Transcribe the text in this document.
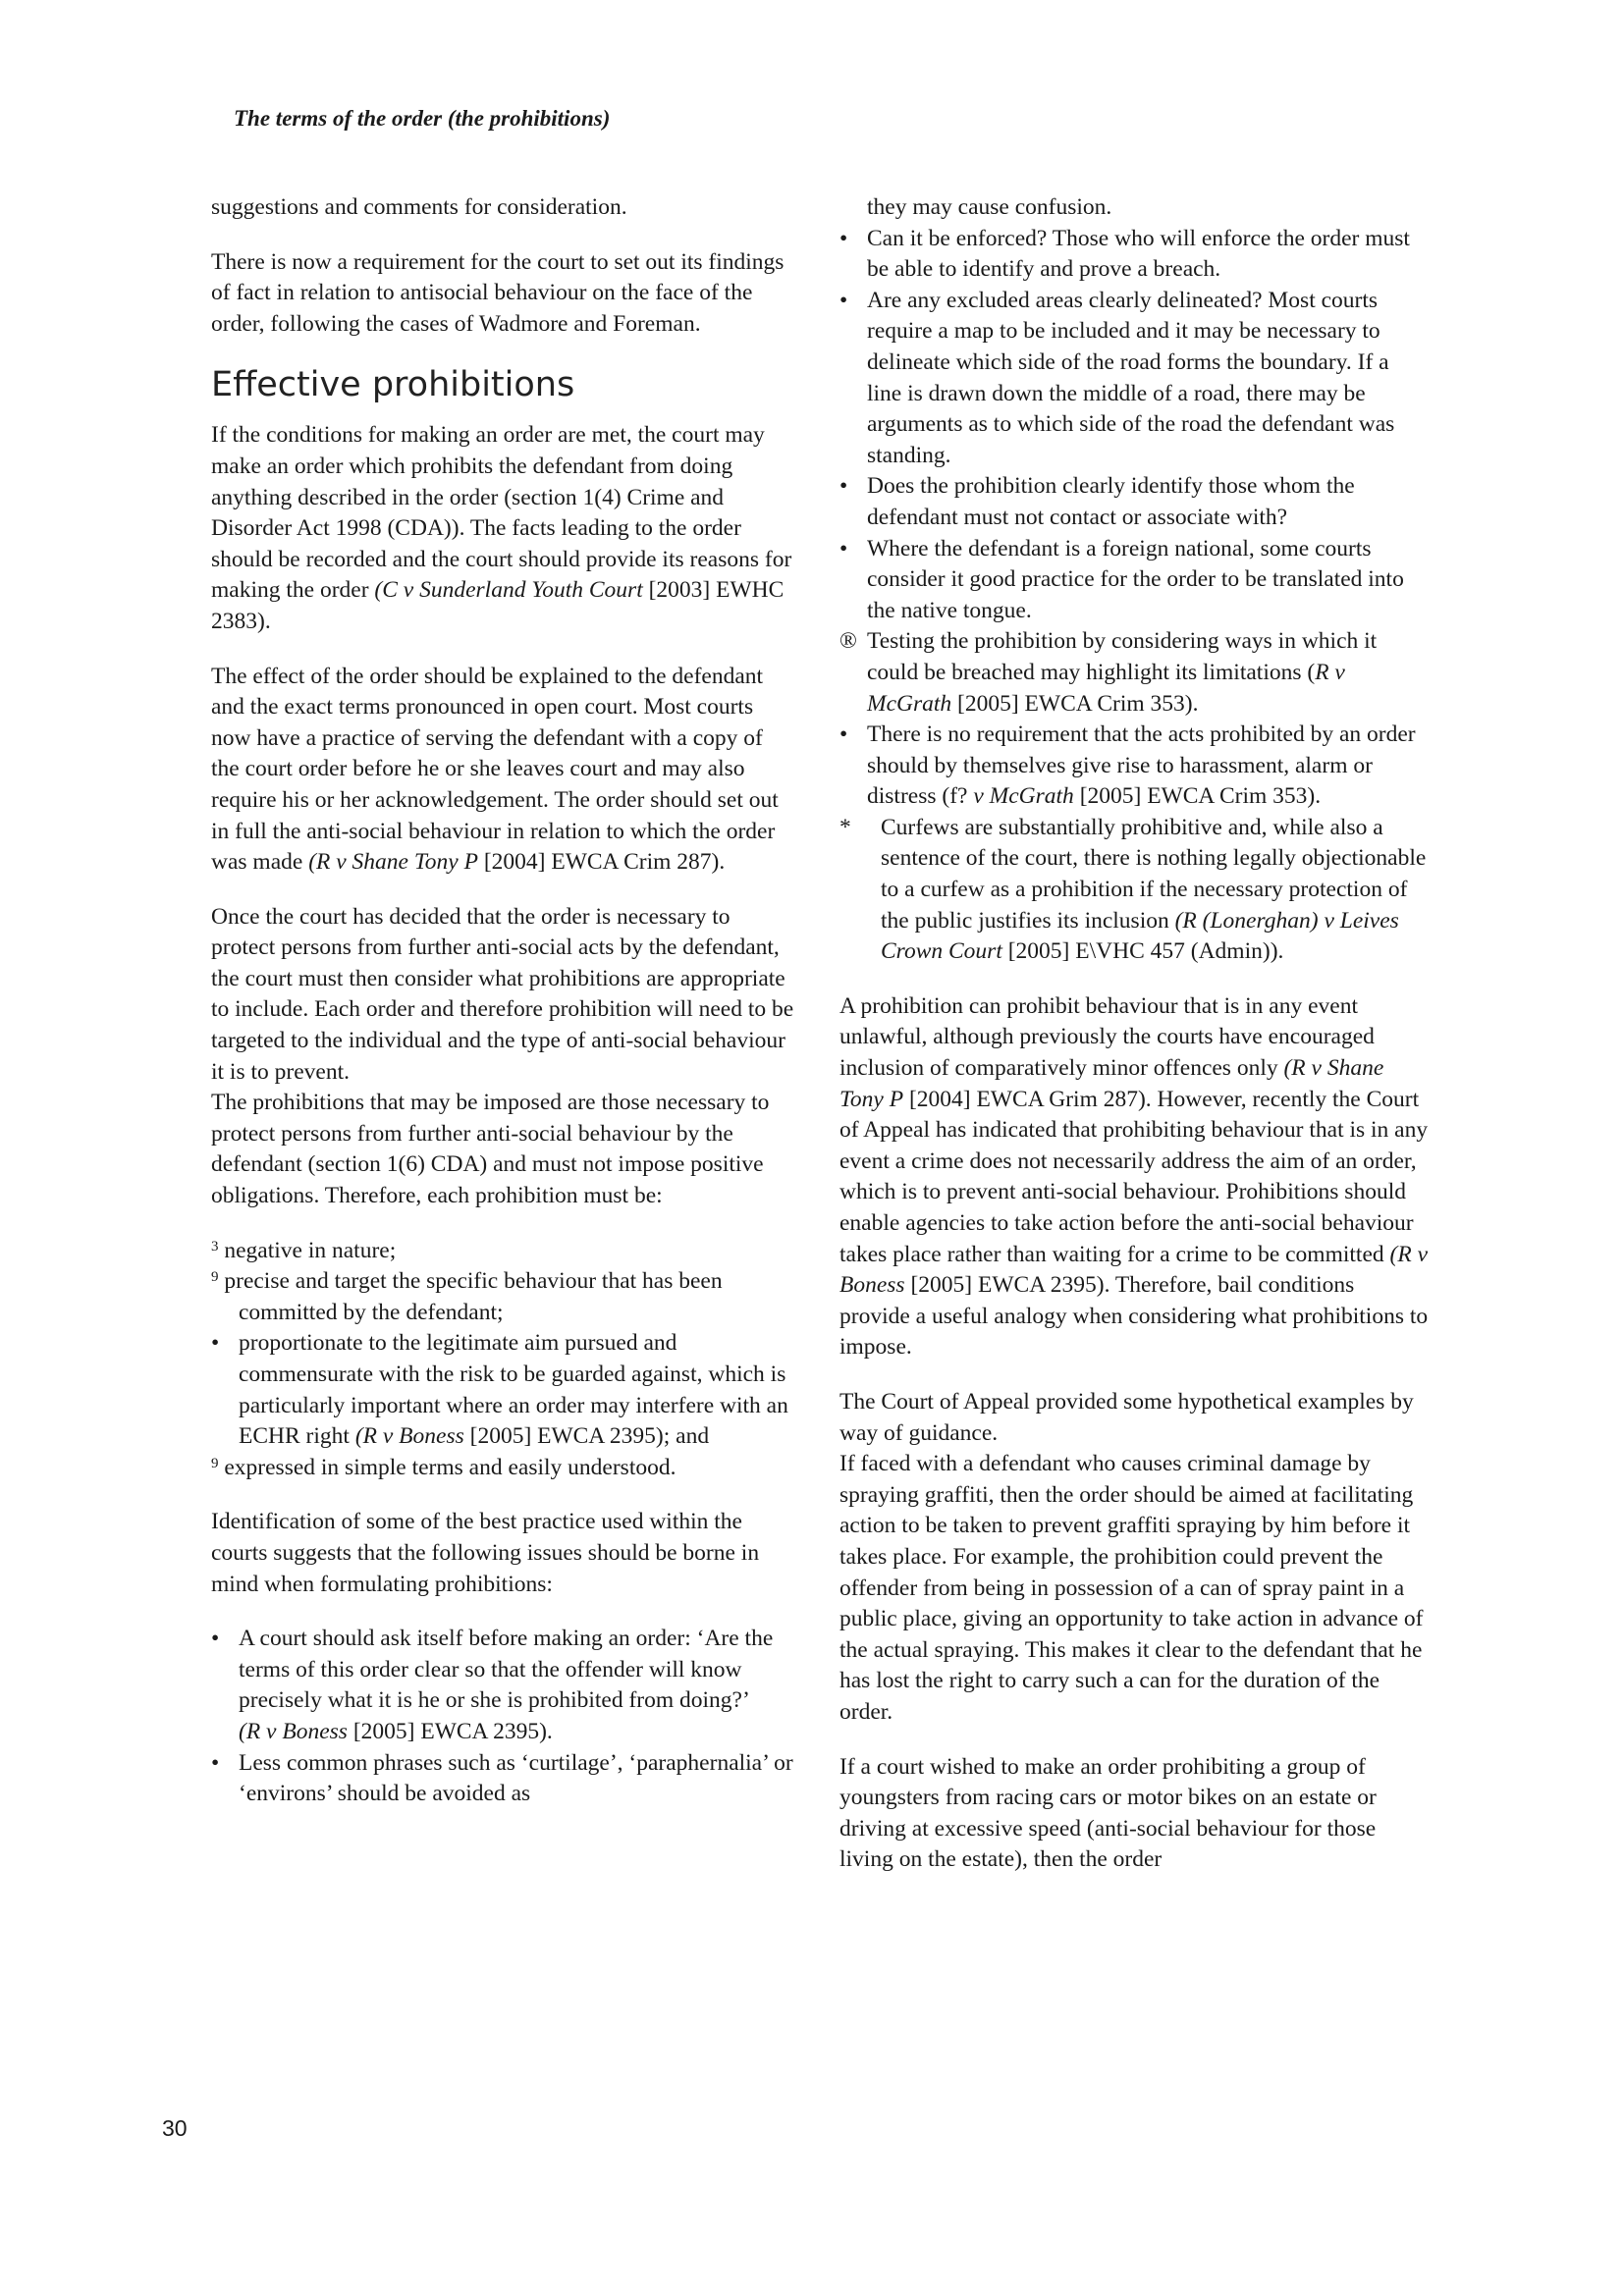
The terms of the order (the prohibitions)

suggestions and comments for consideration.

There is now a requirement for the court to set out its findings of fact in relation to antisocial behaviour on the face of the order, following the cases of Wadmore and Foreman.

Effective prohibitions

If the conditions for making an order are met, the court may make an order which prohibits the defendant from doing anything described in the order (section 1(4) Crime and Disorder Act 1998 (CDA)). The facts leading to the order should be recorded and the court should provide its reasons for making the order (C v Sunderland Youth Court [2003] EWHC 2383).

The effect of the order should be explained to the defendant and the exact terms pronounced in open court. Most courts now have a practice of serving the defendant with a copy of the court order before he or she leaves court and may also require his or her acknowledgement. The order should set out in full the anti-social behaviour in relation to which the order was made (R v Shane Tony P [2004] EWCA Crim 287).

Once the court has decided that the order is necessary to protect persons from further anti-social acts by the defendant, the court must then consider what prohibitions are appropriate to include. Each order and therefore prohibition will need to be targeted to the individual and the type of anti-social behaviour it is to prevent.

The prohibitions that may be imposed are those necessary to protect persons from further anti-social behaviour by the defendant (section 1(6) CDA) and must not impose positive obligations. Therefore, each prohibition must be:

$^3$ negative in nature;

$^9$ precise and target the specific behaviour that has been committed by the defendant;

• proportionate to the legitimate aim pursued and commensurate with the risk to be guarded against, which is particularly important where an order may interfere with an ECHR right (R v Boness [2005] EWCA 2395); and

$^9$ expressed in simple terms and easily understood.

Identification of some of the best practice used within the courts suggests that the following issues should be borne in mind when formulating prohibitions:

• A court should ask itself before making an order: ‘Are the terms of this order clear so that the offender will know precisely what it is he or she is prohibited from doing?’

(R v Boness [2005] EWCA 2395).

• Less common phrases such as ‘curtilage’, ‘paraphernalia’ or ‘environs’ should be avoided as

they may cause confusion.

• Can it be enforced? Those who will enforce the order must be able to identify and prove a breach.

• Are any excluded areas clearly delineated? Most courts require a map to be included and it may be necessary to delineate which side of the road forms the boundary. If a line is drawn down the middle of a road, there may be arguments as to which side of the road the defendant was standing.

• Does the prohibition clearly identify those whom the defendant must not contact or associate with?

• Where the defendant is a foreign national, some courts consider it good practice for the order to be translated into the native tongue.

® Testing the prohibition by considering ways in which it could be breached may highlight its limitations (R v McGrath [2005] EWCA Crim 353).

• There is no requirement that the acts prohibited by an order should by themselves give rise to harassment, alarm or distress (f? v McGrath [2005] EWCA Crim 353).

* Curfews are substantially prohibitive and, while also a sentence of the court, there is nothing legally objectionable to a curfew as a prohibition if the necessary protection of the public justifies its inclusion (R (Lonerghan) v Leives Crown Court [2005] E\VHC 457 (Admin)).

A prohibition can prohibit behaviour that is in any event unlawful, although previously the courts have encouraged inclusion of comparatively minor offences only (R v Shane Tony P [2004] EWCA Grim 287). However, recently the Court of Appeal has indicated that prohibiting behaviour that is in any event a crime does not necessarily address the aim of an order, which is to prevent anti-social behaviour. Prohibitions should enable agencies to take action before the anti-social behaviour takes place rather than waiting for a crime to be committed (R v Boness [2005] EWCA 2395). Therefore, bail conditions provide a useful analogy when considering what prohibitions to impose.

The Court of Appeal provided some hypothetical examples by way of guidance.

If faced with a defendant who causes criminal damage by spraying graffiti, then the order should be aimed at facilitating action to be taken to prevent graffiti spraying by him before it takes place. For example, the prohibition could prevent the offender from being in possession of a can of spray paint in a public place, giving an opportunity to take action in advance of the actual spraying. This makes it clear to the defendant that he has lost the right to carry such a can for the duration of the order.

If a court wished to make an order prohibiting a group of youngsters from racing cars or motor bikes on an estate or driving at excessive speed (anti-social behaviour for those living on the estate), then the order

30
